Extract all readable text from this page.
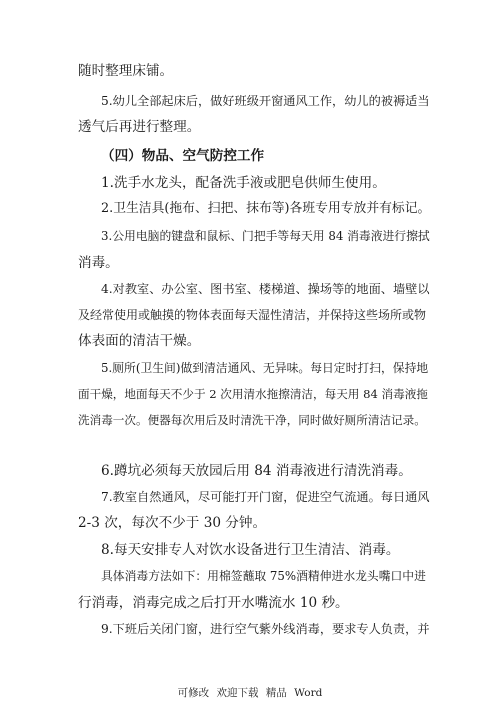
随时整理床铺。
5.幼儿全部起床后，做好班级开窗通风工作，幼儿的被褥适当
透气后再进行整理。
（四）物品、空气防控工作
1.洗手水龙头，配备洗手液或肥皂供师生使用。
2.卫生洁具(拖布、扫把、抹布等)各班专用专放并有标记。
3.公用电脑的键盘和鼠标、门把手等每天用 84 消毒液进行擦拭
消毒。
4.对教室、办公室、图书室、楼梯道、操场等的地面、墙壁以
及经常使用或触摸的物体表面每天湿性清洁，并保持这些场所或物
体表面的清洁干燥。
5.厕所(卫生间)做到清洁通风、无异味。每日定时打扫，保持地
面干燥，地面每天不少于 2 次用清水拖擦清洁，每天用 84 消毒液拖
洗消毒一次。便器每次用后及时清洗干净，同时做好厕所清洁记录。
6.蹲坑必须每天放园后用 84 消毒液进行清洗消毒。
7.教室自然通风，尽可能打开门窗，促进空气流通。每日通风
2-3 次，每次不少于 30 分钟。
8.每天安排专人对饮水设备进行卫生清洁、消毒。
具体消毒方法如下：用棉签蘸取 75%酒精伸进水龙头嘴口中进
行消毒，消毒完成之后打开水嘴流水 10 秒。
9.下班后关闭门窗，进行空气紫外线消毒，要求专人负责，并
可修改 欢迎下载 精品 Word
